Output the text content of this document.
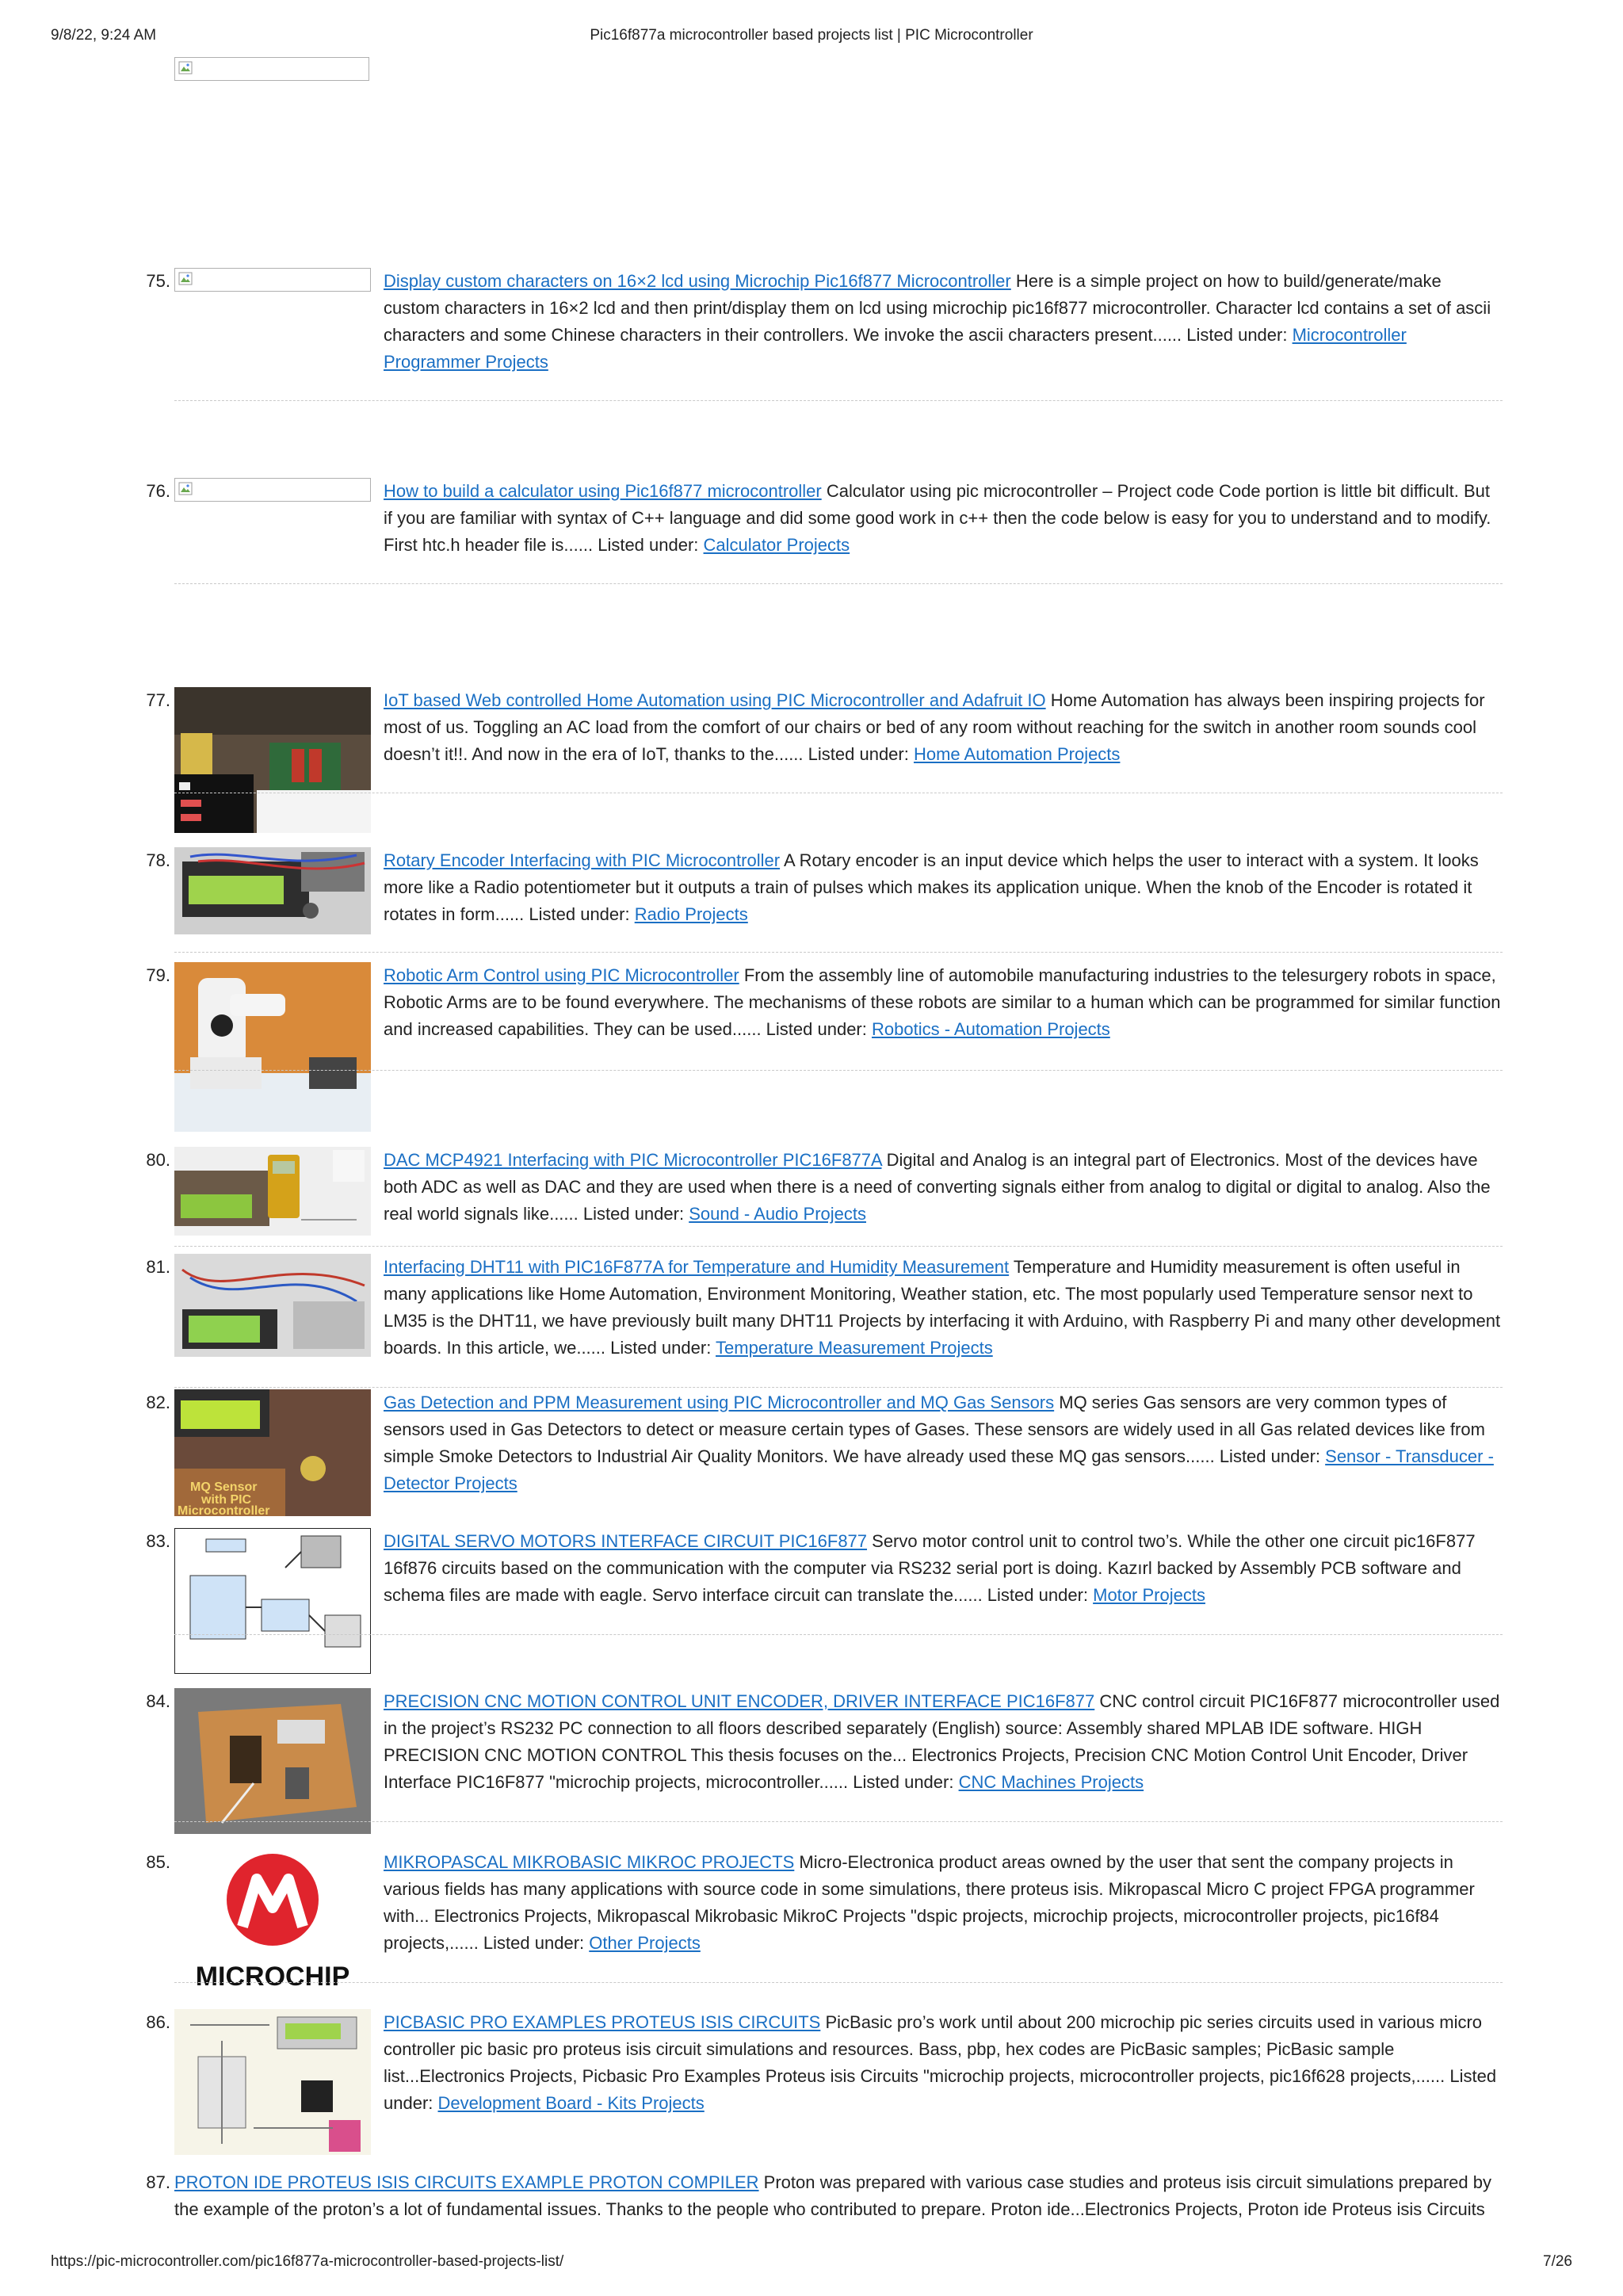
9/8/22, 9:24 AM	Pic16f877a microcontroller based projects list | PIC Microcontroller
https://pic-microcontroller.com/pic16f877a-microcontroller-based-projects-list/	7/26
75.	Display custom characters on 16×2 lcd using Microchip Pic16f877 Microcontroller Here is a simple project on how to build/generate/make custom characters in 16×2 lcd and then print/display them on lcd using microchip pic16f877 microcontroller. Character lcd contains a set of ascii characters and some Chinese characters in their controllers. We invoke the ascii characters present...... Listed under: Microcontroller Programmer Projects
76.	How to build a calculator using Pic16f877 microcontroller Calculator using pic microcontroller – Project code Code portion is little bit difficult. But if you are familiar with syntax of C++ language and did some good work in c++ then the code below is easy for you to understand and to modify. First htc.h header file is...... Listed under: Calculator Projects
77.	IoT based Web controlled Home Automation using PIC Microcontroller and Adafruit IO Home Automation has always been inspiring projects for most of us. Toggling an AC load from the comfort of our chairs or bed of any room without reaching for the switch in another room sounds cool doesn’t it!!. And now in the era of IoT, thanks to the...... Listed under: Home Automation Projects
78.	Rotary Encoder Interfacing with PIC Microcontroller A Rotary encoder is an input device which helps the user to interact with a system. It looks more like a Radio potentiometer but it outputs a train of pulses which makes its application unique. When the knob of the Encoder is rotated it rotates in form...... Listed under: Radio Projects
79.	Robotic Arm Control using PIC Microcontroller From the assembly line of automobile manufacturing industries to the telesurgery robots in space, Robotic Arms are to be found everywhere. The mechanisms of these robots are similar to a human which can be programmed for similar function and increased capabilities. They can be used...... Listed under: Robotics - Automation Projects
80.	DAC MCP4921 Interfacing with PIC Microcontroller PIC16F877A Digital and Analog is an integral part of Electronics. Most of the devices have both ADC as well as DAC and they are used when there is a need of converting signals either from analog to digital or digital to analog. Also the real world signals like...... Listed under: Sound - Audio Projects
81.	Interfacing DHT11 with PIC16F877A for Temperature and Humidity Measurement Temperature and Humidity measurement is often useful in many applications like Home Automation, Environment Monitoring, Weather station, etc. The most popularly used Temperature sensor next to LM35 is the DHT11, we have previously built many DHT11 Projects by interfacing it with Arduino, with Raspberry Pi and many other development boards. In this article, we...... Listed under: Temperature Measurement Projects
82.
MQ Sensor
with PIC
Microcontroller
Gas Detection and PPM Measurement using PIC Microcontroller and MQ Gas Sensors MQ series Gas sensors are very common types of sensors used in Gas Detectors to detect or measure certain types of Gases. These sensors are widely used in all Gas related devices like from simple Smoke Detectors to Industrial Air Quality Monitors. We have already used these MQ gas sensors...... Listed under: Sensor - Transducer - Detector Projects
83.	DIGITAL SERVO MOTORS INTERFACE CIRCUIT PIC16F877 Servo motor control unit to control two’s. While the other one circuit pic16F877 16f876 circuits based on the communication with the computer via RS232 serial port is doing. Kazırl backed by Assembly PCB software and schema files are made with eagle. Servo interface circuit can translate the...... Listed under: Motor Projects
84.	PRECISION CNC MOTION CONTROL UNIT ENCODER, DRIVER INTERFACE PIC16F877 CNC control circuit PIC16F877 microcontroller used in the project’s RS232 PC connection to all floors described separately (English) source: Assembly shared MPLAB IDE software. HIGH PRECISION CNC MOTION CONTROL This thesis focuses on the... Electronics Projects, Precision CNC Motion Control Unit Encoder, Driver Interface PIC16F877 "microchip projects, microcontroller...... Listed under: CNC Machines Projects
85.
MICROCHIP
MIKROPASCAL MIKROBASIC MIKROC PROJECTS Micro-Electronica product areas owned by the user that sent the company projects in various fields has many applications with source code in some simulations, there proteus isis. Mikropascal Micro C project FPGA programmer with... Electronics Projects, Mikropascal Mikrobasic MikroC Projects "dspic projects, microchip projects, microcontroller projects, pic16f84 projects,...... Listed under: Other Projects
86.	PICBASIC PRO EXAMPLES PROTEUS ISIS CIRCUITS PicBasic pro’s work until about 200 microchip pic series circuits used in various micro controller pic basic pro proteus isis circuit simulations and resources. Bass, pbp, hex codes are PicBasic samples; PicBasic sample list...Electronics Projects, Picbasic Pro Examples Proteus isis Circuits "microchip projects, microcontroller projects, pic16f628 projects,...... Listed under: Development Board - Kits Projects
87. PROTON IDE PROTEUS ISIS CIRCUITS EXAMPLE PROTON COMPILER Proton was prepared with various case studies and proteus isis circuit simulations prepared by the example of the proton’s a lot of fundamental issues. Thanks to the people who contributed to prepare. Proton ide...Electronics Projects, Proton ide Proteus isis Circuits
